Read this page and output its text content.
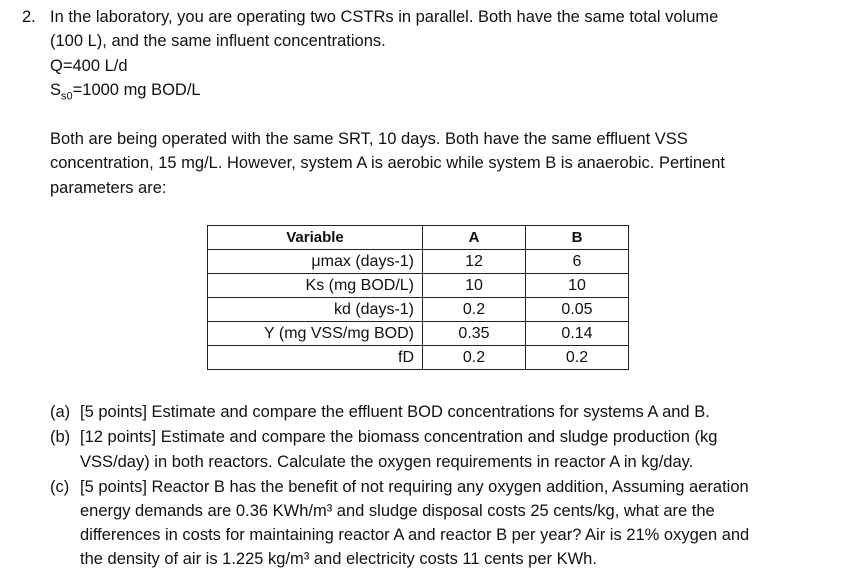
2. In the laboratory, you are operating two CSTRs in parallel. Both have the same total volume
(100 L), and the same influent concentrations.
Q=400 L/d
$S_{s0}=1000$ mg BOD/L
Both are being operated with the same SRT, 10 days. Both have the same effluent VSS
concentration, 15 mg/L. However, system A is aerobic while system B is anaerobic. Pertinent
parameters are:
Variable	A	B
μmax (days-1)	12	6
Ks (mg BOD/L)	10	10
kd (days-1)	0.2	0.05
Y (mg VSS/mg BOD)	0.35	0.14
fD	0.2	0.2
(a) [5 points] Estimate and compare the effluent BOD concentrations for systems A and B.
(b) [12 points] Estimate and compare the biomass concentration and sludge production (kg
VSS/day) in both reactors. Calculate the oxygen requirements in reactor A in kg/day.
(c) [5 points] Reactor B has the benefit of not requiring any oxygen addition, Assuming aeration
energy demands are 0.36 KWh/m³ and sludge disposal costs 25 cents/kg, what are the
differences in costs for maintaining reactor A and reactor B per year? Air is 21% oxygen and
the density of air is 1.225 kg/m³ and electricity costs 11 cents per KWh.
